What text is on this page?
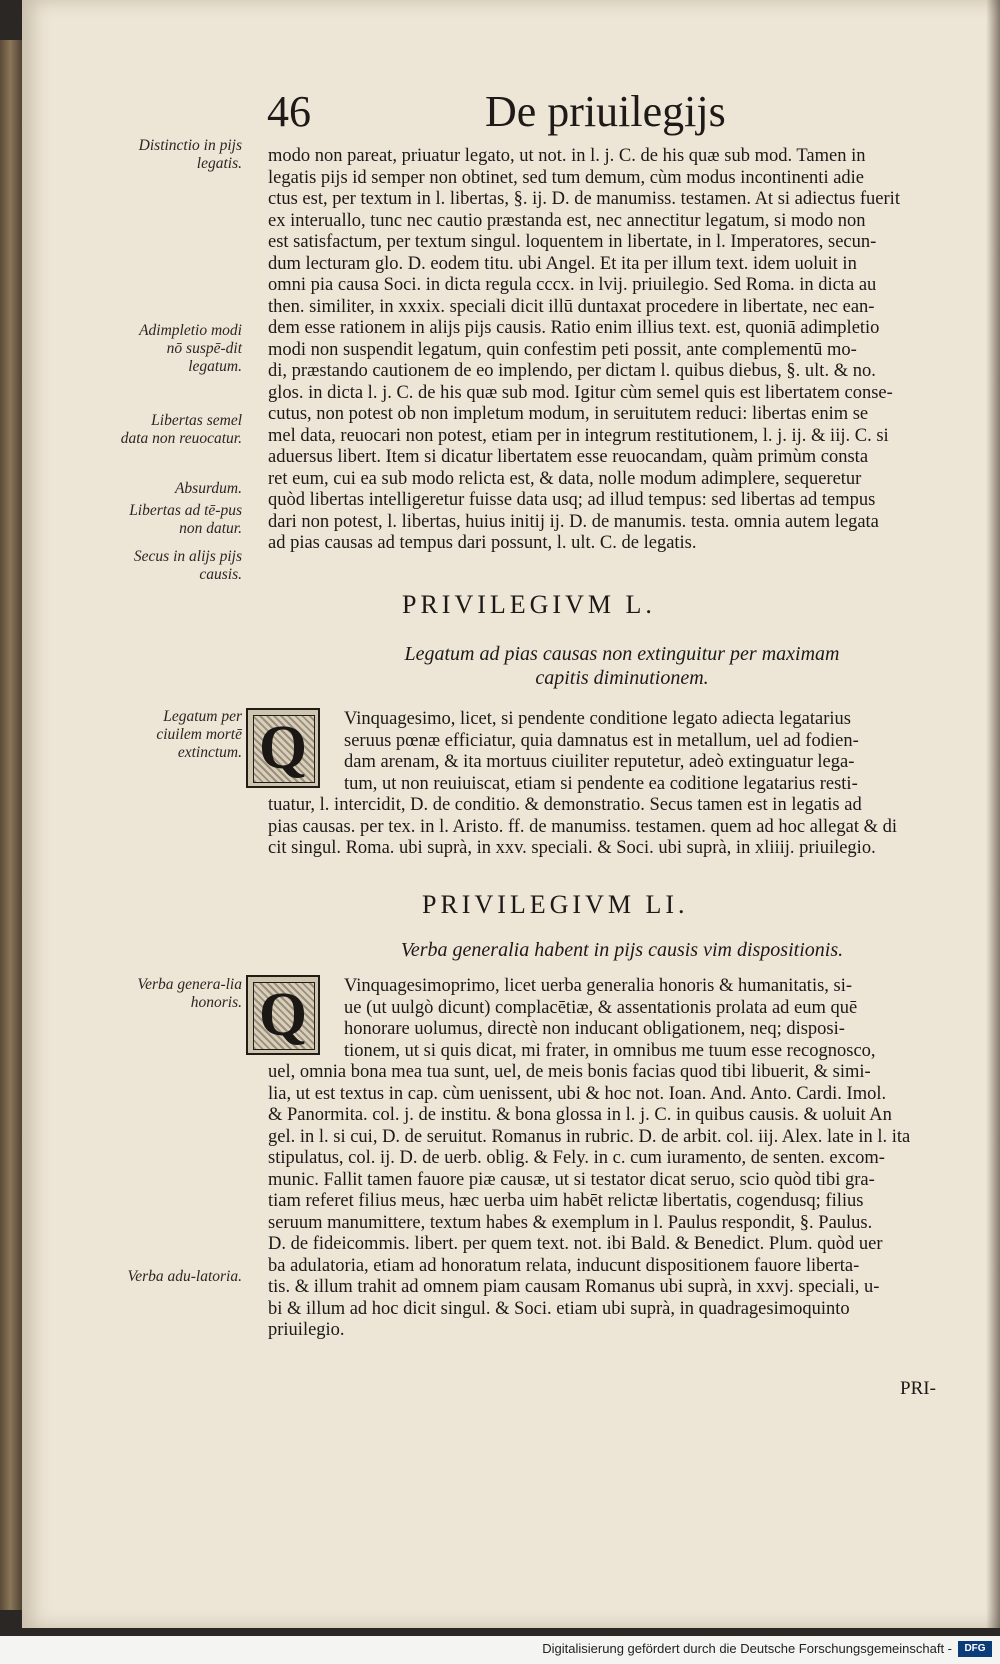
46	De priuilegijs
Distinctio in pijs legatis.
Adimpletio modi nō suspē-dit legatum.
Libertas semel data non reuocatur.
Absurdum.
Libertas ad tē-pus non datur.
Secus in alijs pijs causis.
Legatum per ciuilem mortē extinctum.
Verba genera-lia honoris.
Verba adu-latoria.
modo non pareat, priuatur legato, ut not. in l. j. C. de his quæ sub mod. Tamen in
legatis pijs id semper non obtinet, sed tum demum, cùm modus incontinenti adie
ctus est, per textum in l. libertas, §. ij. D. de manumiss. testamen. At si adiectus fuerit
ex interuallo, tunc nec cautio præstanda est, nec annectitur legatum, si modo non
est satisfactum, per textum singul. loquentem in libertate, in l. Imperatores, secun-
dum lecturam glo. D. eodem titu. ubi Angel. Et ita per illum text. idem uoluit in
omni pia causa Soci. in dicta regula cccx. in lvij. priuilegio. Sed Roma. in dicta au
then. similiter, in xxxix. speciali dicit illū duntaxat procedere in libertate, nec ean-
dem esse rationem in alijs pijs causis. Ratio enim illius text. est, quoniā adimpletio
modi non suspendit legatum, quin confestim peti possit, ante complementū mo-
di, præstando cautionem de eo implendo, per dictam l. quibus diebus, §. ult. & no.
glos. in dicta l. j. C. de his quæ sub mod. Igitur cùm semel quis est libertatem conse-
cutus, non potest ob non impletum modum, in seruitutem reduci: libertas enim se
mel data, reuocari non potest, etiam per in integrum restitutionem, l. j. ij. & iij. C. si
aduersus libert. Item si dicatur libertatem esse reuocandam, quàm primùm consta
ret eum, cui ea sub modo relicta est, & data, nolle modum adimplere, sequeretur
quòd libertas intelligeretur fuisse data usq; ad illud tempus: sed libertas ad tempus
dari non potest, l. libertas, huius initij ij. D. de manumis. testa. omnia autem legata
ad pias causas ad tempus dari possunt, l. ult. C. de legatis.
PRIVILEGIVM L.
Legatum ad pias causas non extinguitur per maximam
capitis diminutionem.
Q	Vinquagesimo, licet, si pendente conditione legato adiecta legatarius
seruus pœnæ efficiatur, quia damnatus est in metallum, uel ad fodien-
dam arenam, & ita mortuus ciuiliter reputetur, adeò extinguatur lega-
tum, ut non reuiuiscat, etiam si pendente ea coditione legatarius resti-
tuatur, l. intercidit, D. de conditio. & demonstratio. Secus tamen est in legatis ad
pias causas. per tex. in l. Aristo. ff. de manumiss. testamen. quem ad hoc allegat & di
cit singul. Roma. ubi suprà, in xxv. speciali. & Soci. ubi suprà, in xliiij. priuilegio.
PRIVILEGIVM LI.
Verba generalia habent in pijs causis vim dispositionis.
Q	Vinquagesimoprimo, licet uerba generalia honoris & humanitatis, si-
ue (ut uulgò dicunt) complacētiæ, & assentationis prolata ad eum quē
honorare uolumus, directè non inducant obligationem, neq; disposi-
tionem, ut si quis dicat, mi frater, in omnibus me tuum esse recognosco,
uel, omnia bona mea tua sunt, uel, de meis bonis facias quod tibi libuerit, & simi-
lia, ut est textus in cap. cùm uenissent, ubi & hoc not. Ioan. And. Anto. Cardi. Imol.
& Panormita. col. j. de institu. & bona glossa in l. j. C. in quibus causis. & uoluit An
gel. in l. si cui, D. de seruitut. Romanus in rubric. D. de arbit. col. iij. Alex. late in l. ita
stipulatus, col. ij. D. de uerb. oblig. & Fely. in c. cum iuramento, de senten. excom-
munic. Fallit tamen fauore piæ causæ, ut si testator dicat seruo, scio quòd tibi gra-
tiam referet filius meus, hæc uerba uim habēt relictæ libertatis, cogendusq; filius
seruum manumittere, textum habes & exemplum in l. Paulus respondit, §. Paulus.
D. de fideicommis. libert. per quem text. not. ibi Bald. & Benedict. Plum. quòd uer
ba adulatoria, etiam ad honoratum relata, inducunt dispositionem fauore liberta-
tis. & illum trahit ad omnem piam causam Romanus ubi suprà, in xxvj. speciali, u-
bi & illum ad hoc dicit singul. & Soci. etiam ubi suprà, in quadragesimoquinto
priuilegio.
PRI-
Digitalisierung gefördert durch die Deutsche Forschungsgemeinschaft -	DFG
